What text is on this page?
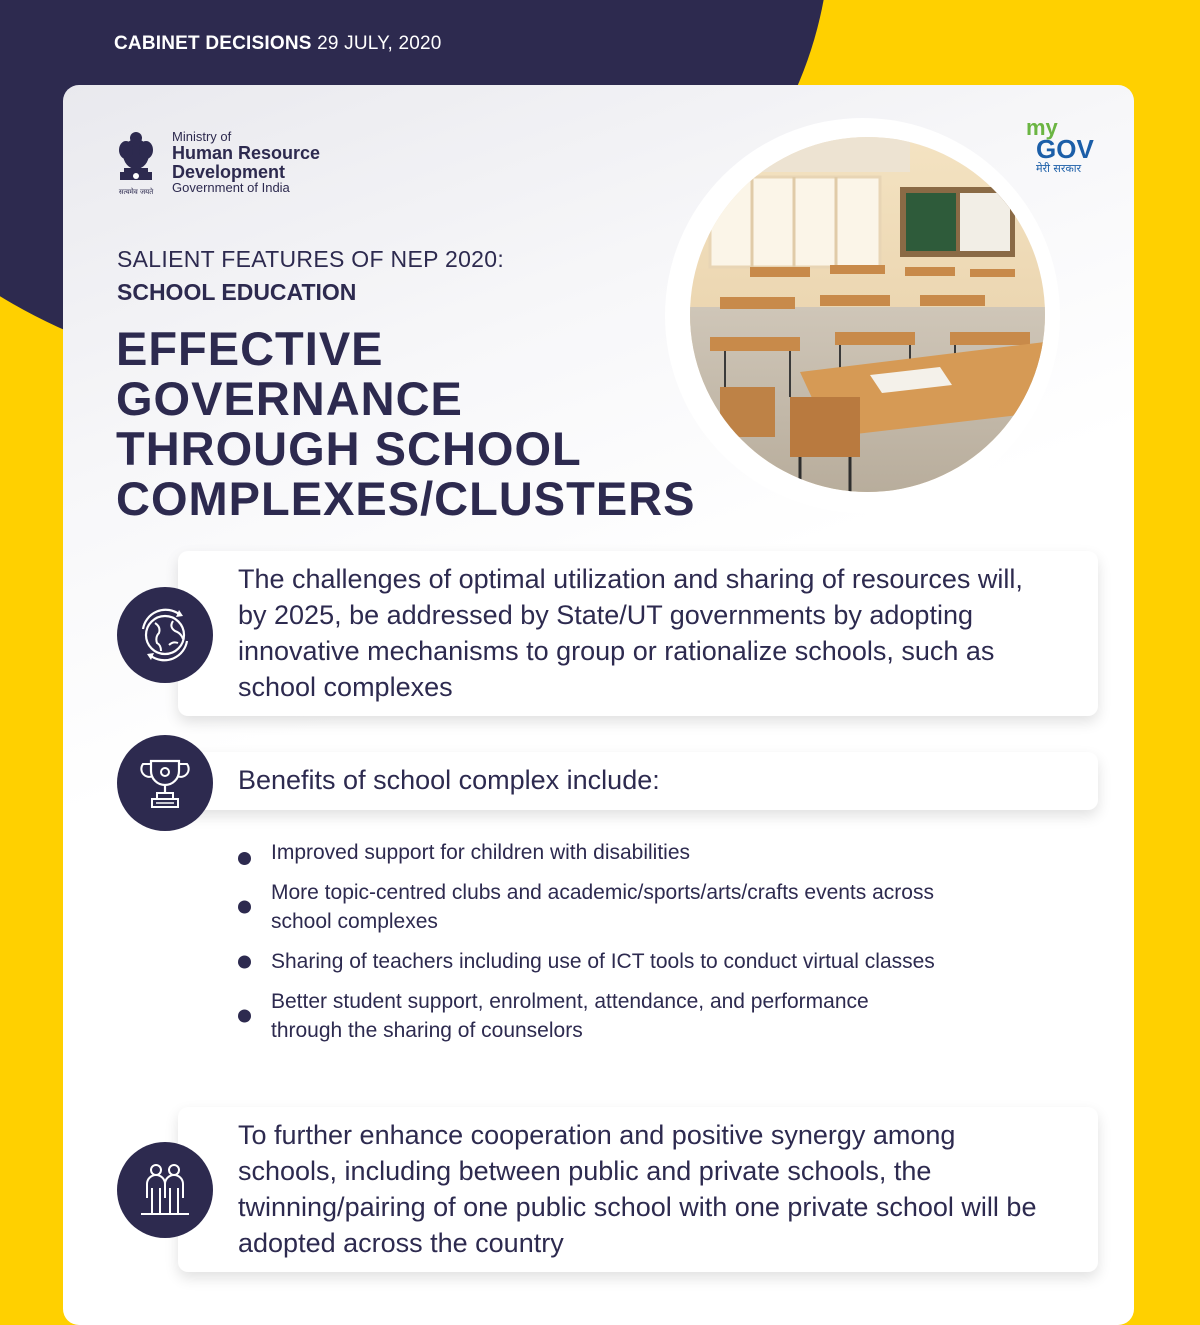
CABINET DECISIONS 29 JULY, 2020
सत्यमेव जयते
Ministry of
Human Resource
Development
Government of India
my
GOV
मेरी सरकार
SALIENT FEATURES OF NEP 2020:
SCHOOL EDUCATION
EFFECTIVE
GOVERNANCE
THROUGH SCHOOL
COMPLEXES/CLUSTERS
The challenges of optimal utilization and sharing of resources will, by 2025, be addressed by State/UT governments by adopting innovative mechanisms to group or rationalize schools, such as school complexes
Benefits of school complex include:
Improved support for children with disabilities
More topic-centred clubs and academic/sports/arts/crafts events across school complexes
Sharing of teachers including use of ICT tools to conduct virtual classes
Better student support, enrolment, attendance, and performance through the sharing of counselors
To further enhance cooperation and positive synergy among schools, including between public and private schools, the twinning/pairing of one public school with one private school will be adopted across the country
